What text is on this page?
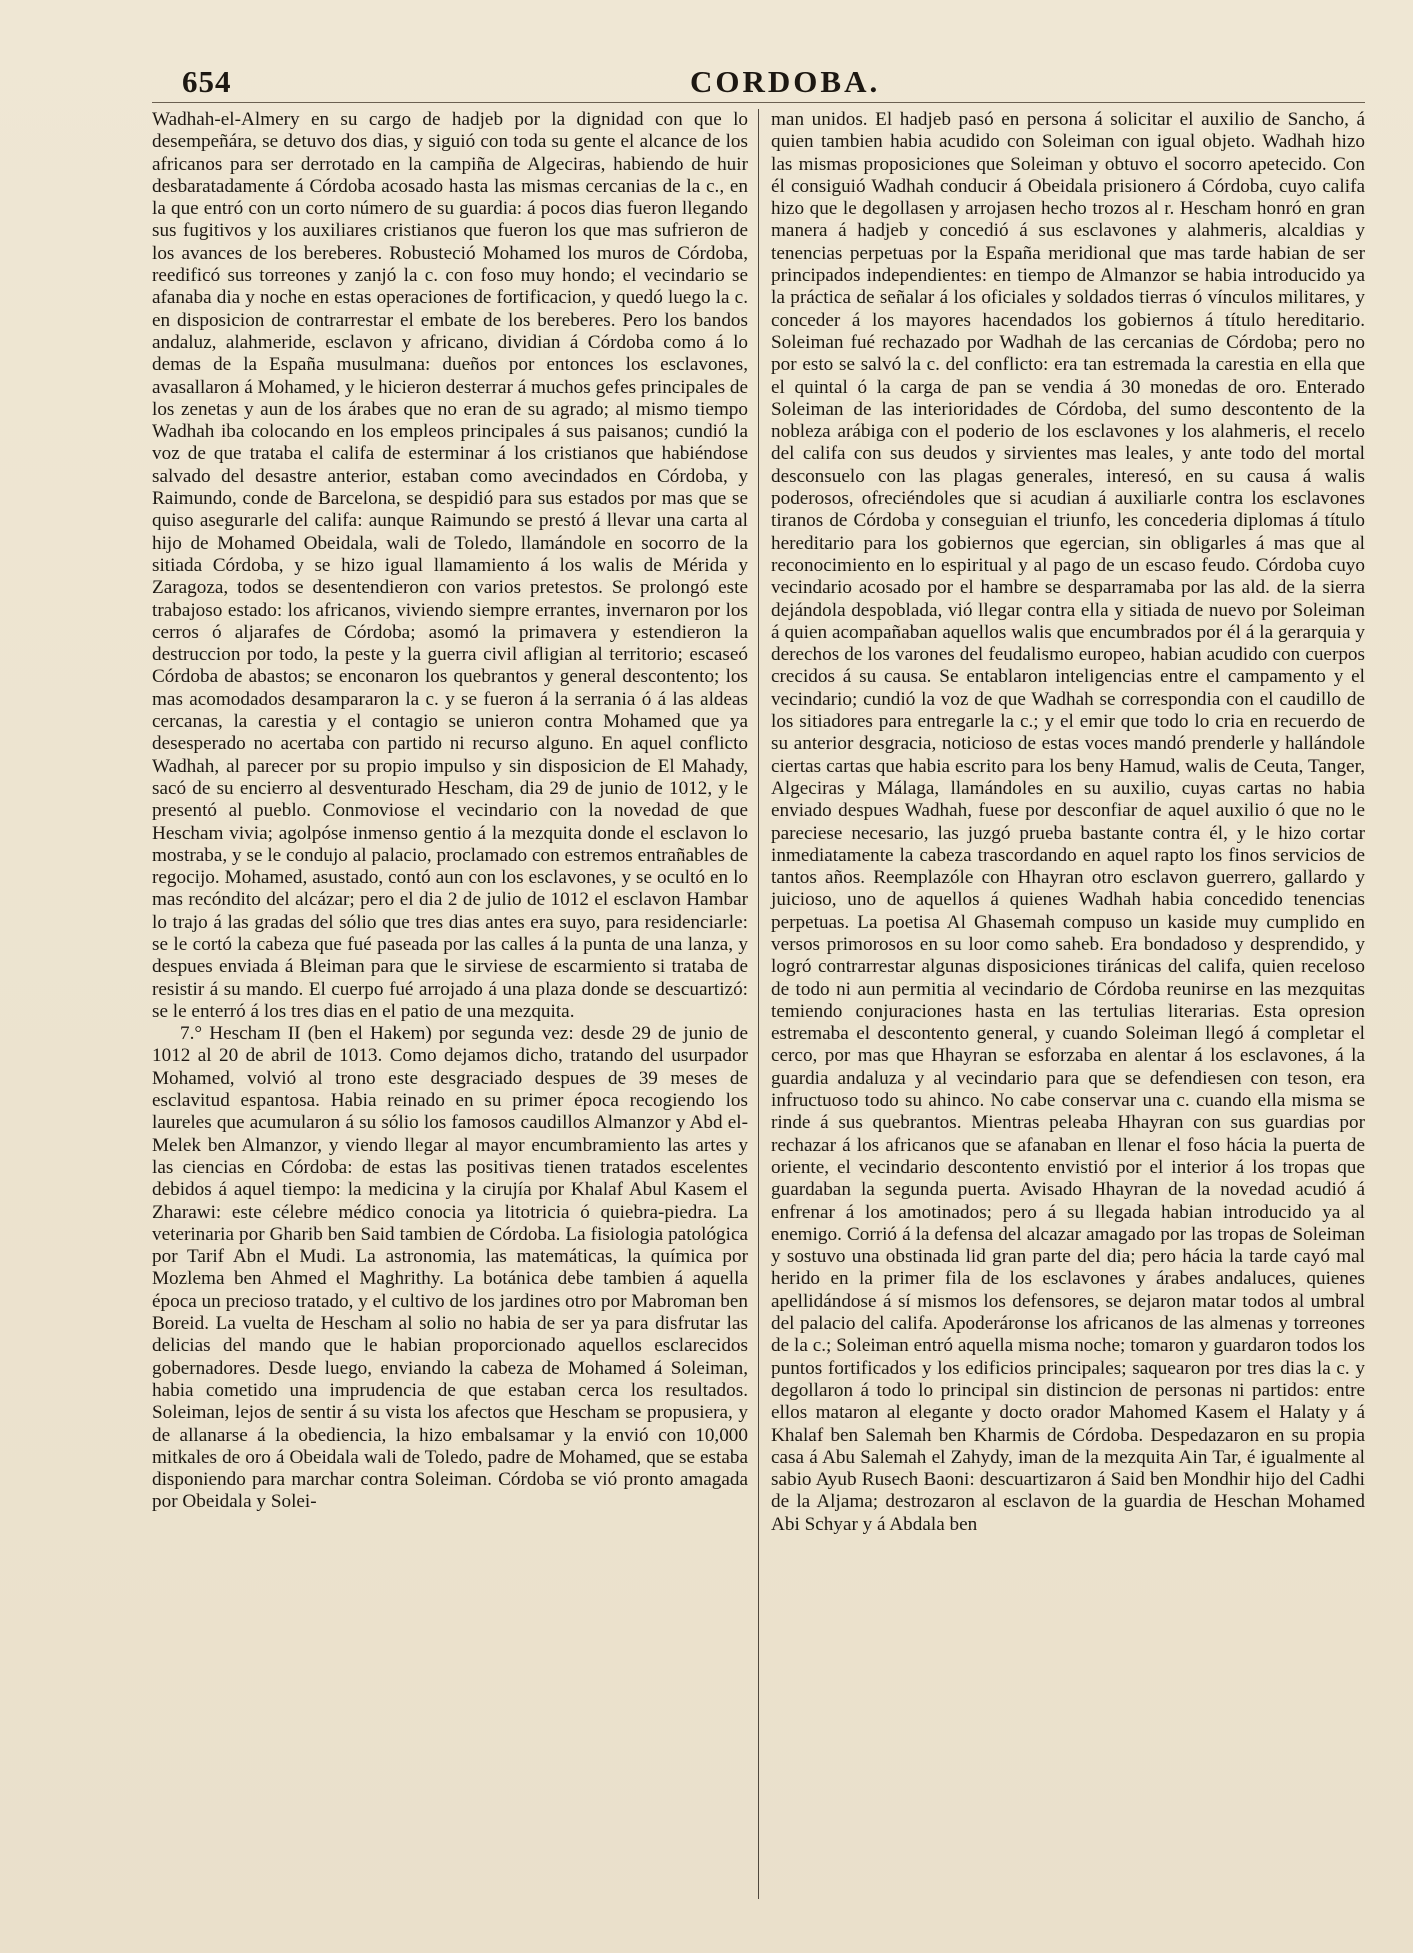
654	CORDOBA.

Wadhah-el-Almery en su cargo de hadjeb por la dignidad con que lo desempeñára, se detuvo dos dias, y siguió con toda su gente el alcance de los africanos para ser derrotado en la campiña de Algeciras, habiendo de huir desbaratadamente á Córdoba acosado hasta las mismas cercanias de la c., en la que entró con un corto número de su guardia: á pocos dias fueron llegando sus fugitivos y los auxiliares cristianos que fueron los que mas sufrieron de los avances de los bereberes. Robusteció Mohamed los muros de Córdoba, reedificó sus torreones y zanjó la c. con foso muy hondo; el vecindario se afanaba dia y noche en estas operaciones de fortificacion, y quedó luego la c. en disposicion de contrarrestar el embate de los bereberes. Pero los bandos andaluz, alahmeride, esclavon y africano, dividian á Córdoba como á lo demas de la España musulmana: dueños por entonces los esclavones, avasallaron á Mohamed, y le hicieron desterrar á muchos gefes principales de los zenetas y aun de los árabes que no eran de su agrado; al mismo tiempo Wadhah iba colocando en los empleos principales á sus paisanos; cundió la voz de que trataba el califa de esterminar á los cristianos que habiéndose salvado del desastre anterior, estaban como avecindados en Córdoba, y Raimundo, conde de Barcelona, se despidió para sus estados por mas que se quiso asegurarle del califa: aunque Raimundo se prestó á llevar una carta al hijo de Mohamed Obeidala, wali de Toledo, llamándole en socorro de la sitiada Córdoba, y se hizo igual llamamiento á los walis de Mérida y Zaragoza, todos se desentendieron con varios pretestos. Se prolongó este trabajoso estado: los africanos, viviendo siempre errantes, invernaron por los cerros ó aljarafes de Córdoba; asomó la primavera y estendieron la destruccion por todo, la peste y la guerra civil afligian al territorio; escaseó Córdoba de abastos; se enconaron los quebrantos y general descontento; los mas acomodados desampararon la c. y se fueron á la serrania ó á las aldeas cercanas, la carestia y el contagio se unieron contra Mohamed que ya desesperado no acertaba con partido ni recurso alguno. En aquel conflicto Wadhah, al parecer por su propio impulso y sin disposicion de El Mahady, sacó de su encierro al desventurado Hescham, dia 29 de junio de 1012, y le presentó al pueblo. Conmoviose el vecindario con la novedad de que Hescham vivia; agolpóse inmenso gentio á la mezquita donde el esclavon lo mostraba, y se le condujo al palacio, proclamado con estremos entrañables de regocijo. Mohamed, asustado, contó aun con los esclavones, y se ocultó en lo mas recóndito del alcázar; pero el dia 2 de julio de 1012 el esclavon Hambar lo trajo á las gradas del sólio que tres dias antes era suyo, para residenciarle: se le cortó la cabeza que fué paseada por las calles á la punta de una lanza, y despues enviada á Bleiman para que le sirviese de escarmiento si trataba de resistir á su mando. El cuerpo fué arrojado á una plaza donde se descuartizó: se le enterró á los tres dias en el patio de una mezquita.

7.° Hescham II (ben el Hakem) por segunda vez: desde 29 de junio de 1012 al 20 de abril de 1013. Como dejamos dicho, tratando del usurpador Mohamed, volvió al trono este desgraciado despues de 39 meses de esclavitud espantosa. Habia reinado en su primer época recogiendo los laureles que acumularon á su sólio los famosos caudillos Almanzor y Abd el-Melek ben Almanzor, y viendo llegar al mayor encumbramiento las artes y las ciencias en Córdoba: de estas las positivas tienen tratados escelentes debidos á aquel tiempo: la medicina y la cirujía por Khalaf Abul Kasem el Zharawi: este célebre médico conocia ya litotricia ó quiebra-piedra. La veterinaria por Gharib ben Said tambien de Córdoba. La fisiologia patológica por Tarif Abn el Mudi. La astronomia, las matemáticas, la química por Mozlema ben Ahmed el Maghrithy. La botánica debe tambien á aquella época un precioso tratado, y el cultivo de los jardines otro por Mabroman ben Boreid. La vuelta de Hescham al solio no habia de ser ya para disfrutar las delicias del mando que le habian proporcionado aquellos esclarecidos gobernadores. Desde luego, enviando la cabeza de Mohamed á Soleiman, habia cometido una imprudencia de que estaban cerca los resultados. Soleiman, lejos de sentir á su vista los afectos que Hescham se propusiera, y de allanarse á la obediencia, la hizo embalsamar y la envió con 10,000 mitkales de oro á Obeidala wali de Toledo, padre de Mohamed, que se estaba disponiendo para marchar contra Soleiman. Córdoba se vió pronto amagada por Obeidala y Solei-

man unidos. El hadjeb pasó en persona á solicitar el auxilio de Sancho, á quien tambien habia acudido con Soleiman con igual objeto. Wadhah hizo las mismas proposiciones que Soleiman y obtuvo el socorro apetecido. Con él consiguió Wadhah conducir á Obeidala prisionero á Córdoba, cuyo califa hizo que le degollasen y arrojasen hecho trozos al r. Hescham honró en gran manera á hadjeb y concedió á sus esclavones y alahmeris, alcaldias y tenencias perpetuas por la España meridional que mas tarde habian de ser principados independientes: en tiempo de Almanzor se habia introducido ya la práctica de señalar á los oficiales y soldados tierras ó vínculos militares, y conceder á los mayores hacendados los gobiernos á título hereditario. Soleiman fué rechazado por Wadhah de las cercanias de Córdoba; pero no por esto se salvó la c. del conflicto: era tan estremada la carestia en ella que el quintal ó la carga de pan se vendia á 30 monedas de oro. Enterado Soleiman de las interioridades de Córdoba, del sumo descontento de la nobleza arábiga con el poderio de los esclavones y los alahmeris, el recelo del califa con sus deudos y sirvientes mas leales, y ante todo del mortal desconsuelo con las plagas generales, interesó, en su causa á walis poderosos, ofreciéndoles que si acudian á auxiliarle contra los esclavones tiranos de Córdoba y conseguian el triunfo, les concederia diplomas á título hereditario para los gobiernos que egercian, sin obligarles á mas que al reconocimiento en lo espiritual y al pago de un escaso feudo. Córdoba cuyo vecindario acosado por el hambre se desparramaba por las ald. de la sierra dejándola despoblada, vió llegar contra ella y sitiada de nuevo por Soleiman á quien acompañaban aquellos walis que encumbrados por él á la gerarquia y derechos de los varones del feudalismo europeo, habian acudido con cuerpos crecidos á su causa. Se entablaron inteligencias entre el campamento y el vecindario; cundió la voz de que Wadhah se correspondia con el caudillo de los sitiadores para entregarle la c.; y el emir que todo lo cria en recuerdo de su anterior desgracia, noticioso de estas voces mandó prenderle y hallándole ciertas cartas que habia escrito para los beny Hamud, walis de Ceuta, Tanger, Algeciras y Málaga, llamándoles en su auxilio, cuyas cartas no habia enviado despues Wadhah, fuese por desconfiar de aquel auxilio ó que no le pareciese necesario, las juzgó prueba bastante contra él, y le hizo cortar inmediatamente la cabeza trascordando en aquel rapto los finos servicios de tantos años. Reemplazóle con Hhayran otro esclavon guerrero, gallardo y juicioso, uno de aquellos á quienes Wadhah habia concedido tenencias perpetuas. La poetisa Al Ghasemah compuso un kaside muy cumplido en versos primorosos en su loor como saheb. Era bondadoso y desprendido, y logró contrarrestar algunas disposiciones tiránicas del califa, quien receloso de todo ni aun permitia al vecindario de Córdoba reunirse en las mezquitas temiendo conjuraciones hasta en las tertulias literarias. Esta opresion estremaba el descontento general, y cuando Soleiman llegó á completar el cerco, por mas que Hhayran se esforzaba en alentar á los esclavones, á la guardia andaluza y al vecindario para que se defendiesen con teson, era infructuoso todo su ahinco. No cabe conservar una c. cuando ella misma se rinde á sus quebrantos. Mientras peleaba Hhayran con sus guardias por rechazar á los africanos que se afanaban en llenar el foso hácia la puerta de oriente, el vecindario descontento envistió por el interior á los tropas que guardaban la segunda puerta. Avisado Hhayran de la novedad acudió á enfrenar á los amotinados; pero á su llegada habian introducido ya al enemigo. Corrió á la defensa del alcazar amagado por las tropas de Soleiman y sostuvo una obstinada lid gran parte del dia; pero hácia la tarde cayó mal herido en la primer fila de los esclavones y árabes andaluces, quienes apellidándose á sí mismos los defensores, se dejaron matar todos al umbral del palacio del califa. Apoderáronse los africanos de las almenas y torreones de la c.; Soleiman entró aquella misma noche; tomaron y guardaron todos los puntos fortificados y los edificios principales; saquearon por tres dias la c. y degollaron á todo lo principal sin distincion de personas ni partidos: entre ellos mataron al elegante y docto orador Mahomed Kasem el Halaty y á Khalaf ben Salemah ben Kharmis de Córdoba. Despedazaron en su propia casa á Abu Salemah el Zahydy, iman de la mezquita Ain Tar, é igualmente al sabio Ayub Rusech Baoni: descuartizaron á Said ben Mondhir hijo del Cadhi de la Aljama; destrozaron al esclavon de la guardia de Heschan Mohamed Abi Schyar y á Abdala ben
